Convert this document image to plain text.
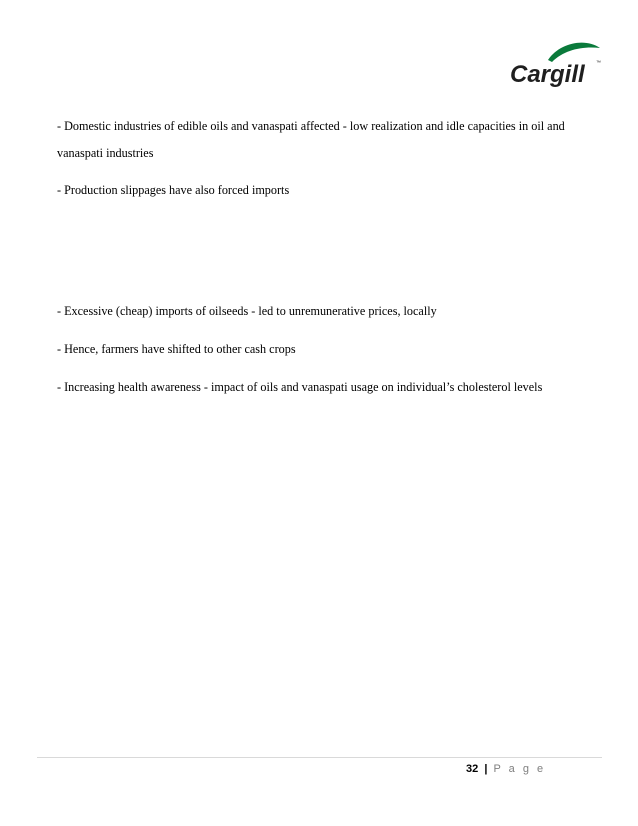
Cargill ™

- Domestic industries of edible oils and vanaspati affected - low realization and idle capacities in oil and

vanaspati industries

- Production slippages have also forced imports

- Excessive (cheap) imports of oilseeds - led to unremunerative prices, locally

- Hence, farmers have shifted to other cash crops

- Increasing health awareness - impact of oils and vanaspati usage on individual’s cholesterol levels

32 | P a g e
